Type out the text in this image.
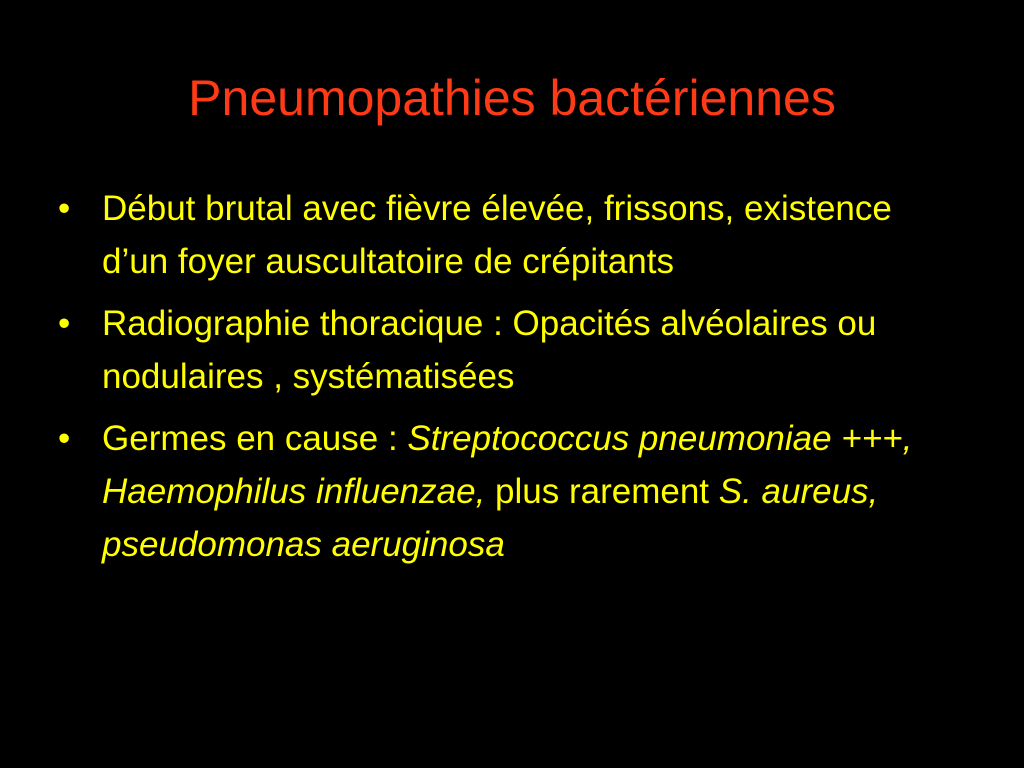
Pneumopathies bactériennes
• Début brutal avec fièvre élevée, frissons, existence d’un foyer auscultatoire de crépitants
• Radiographie thoracique : Opacités alvéolaires ou nodulaires , systématisées
• Germes en cause : Streptococcus pneumoniae +++, Haemophilus influenzae, plus rarement S. aureus, pseudomonas aeruginosa
